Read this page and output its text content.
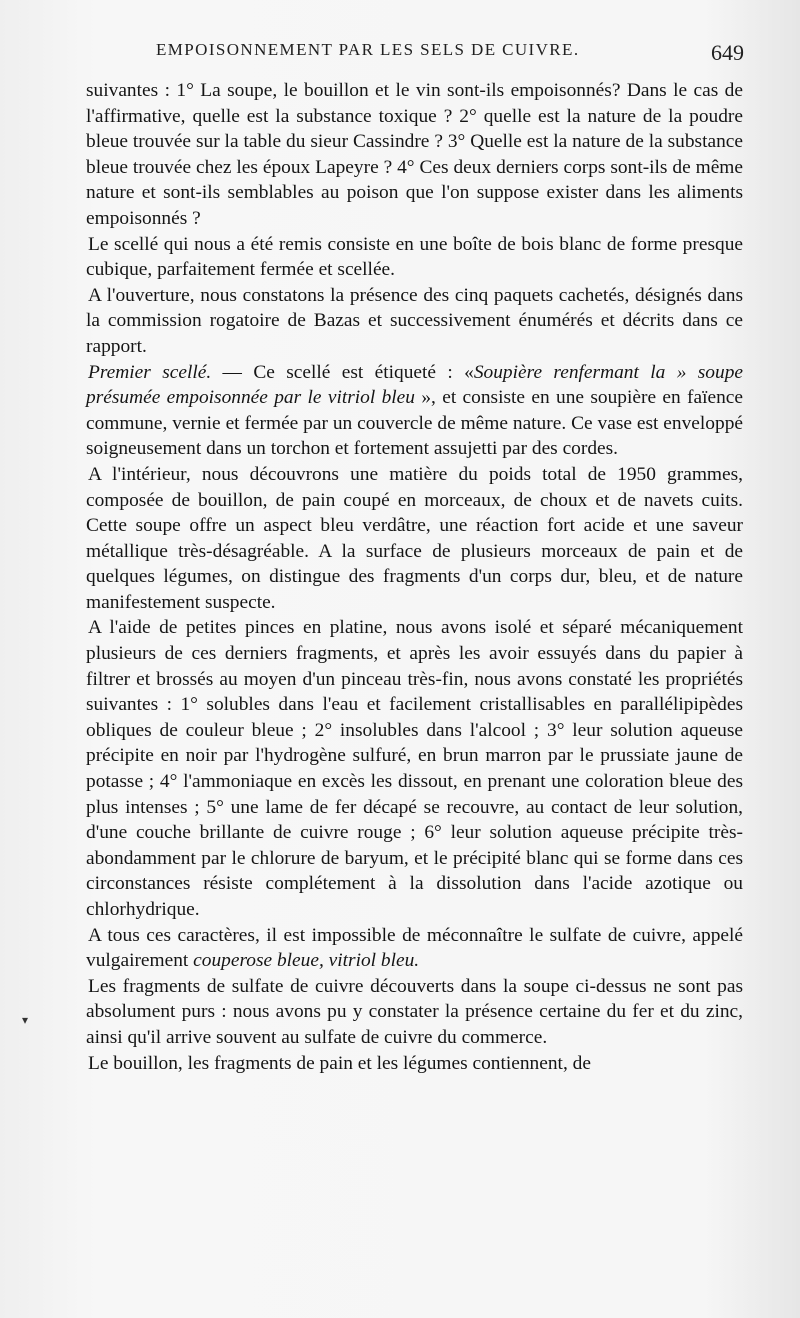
EMPOISONNEMENT PAR LES SELS DE CUIVRE.	649

suivantes : 1° La soupe, le bouillon et le vin sont-ils empoisonnés? Dans le cas de l'affirmative, quelle est la substance toxique ? 2° quelle est la nature de la poudre bleue trouvée sur la table du sieur Cassindre ? 3° Quelle est la nature de la substance bleue trouvée chez les époux Lapeyre ? 4° Ces deux derniers corps sont-ils de même nature et sont-ils semblables au poison que l'on suppose exister dans les aliments empoisonnés ?

Le scellé qui nous a été remis consiste en une boîte de bois blanc de forme presque cubique, parfaitement fermée et scellée.

A l'ouverture, nous constatons la présence des cinq paquets cachetés, désignés dans la commission rogatoire de Bazas et successivement énumérés et décrits dans ce rapport.

Premier scellé. — Ce scellé est étiqueté : «Soupière renfermant la » soupe présumée empoisonnée par le vitriol bleu », et consiste en une soupière en faïence commune, vernie et fermée par un couvercle de même nature. Ce vase est enveloppé soigneusement dans un torchon et fortement assujetti par des cordes.

A l'intérieur, nous découvrons une matière du poids total de 1950 grammes, composée de bouillon, de pain coupé en morceaux, de choux et de navets cuits. Cette soupe offre un aspect bleu verdâtre, une réaction fort acide et une saveur métallique très-désagréable. A la surface de plusieurs morceaux de pain et de quelques légumes, on distingue des fragments d'un corps dur, bleu, et de nature manifestement suspecte.

A l'aide de petites pinces en platine, nous avons isolé et séparé mécaniquement plusieurs de ces derniers fragments, et après les avoir essuyés dans du papier à filtrer et brossés au moyen d'un pinceau très-fin, nous avons constaté les propriétés suivantes : 1° solubles dans l'eau et facilement cristallisables en parallélipipèdes obliques de couleur bleue ; 2° insolubles dans l'alcool ; 3° leur solution aqueuse précipite en noir par l'hydrogène sulfuré, en brun marron par le prussiate jaune de potasse ; 4° l'ammoniaque en excès les dissout, en prenant une coloration bleue des plus intenses ; 5° une lame de fer décapé se recouvre, au contact de leur solution, d'une couche brillante de cuivre rouge ; 6° leur solution aqueuse précipite très-abondamment par le chlorure de baryum, et le précipité blanc qui se forme dans ces circonstances résiste complétement à la dissolution dans l'acide azotique ou chlorhydrique.

A tous ces caractères, il est impossible de méconnaître le sulfate de cuivre, appelé vulgairement couperose bleue, vitriol bleu.

Les fragments de sulfate de cuivre découverts dans la soupe ci-dessus ne sont pas absolument purs : nous avons pu y constater la présence certaine du fer et du zinc, ainsi qu'il arrive souvent au sulfate de cuivre du commerce.

Le bouillon, les fragments de pain et les légumes contiennent, de

▾
